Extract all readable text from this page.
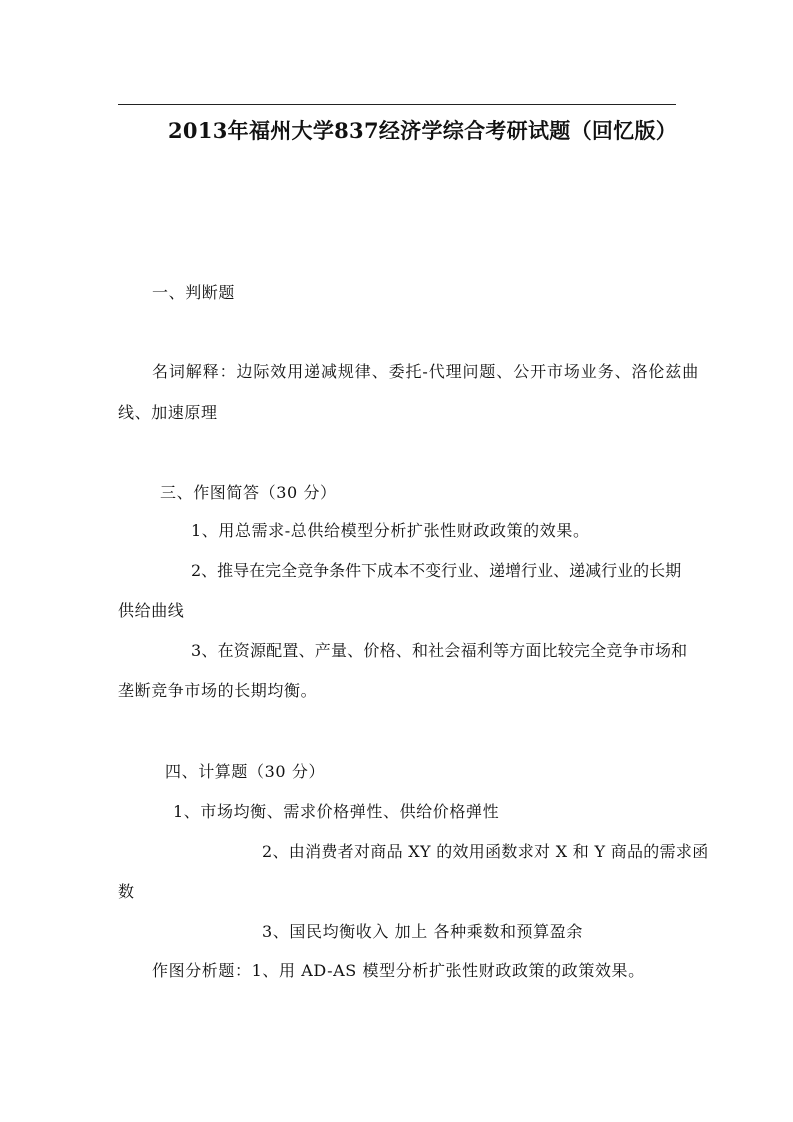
2013年福州大学837经济学综合考研试题（回忆版）
一、判断题
名词解释：边际效用递减规律、委托-代理问题、公开市场业务、洛伦兹曲
线、加速原理
三、作图简答（30 分）
1、用总需求-总供给模型分析扩张性财政政策的效果。
2、推导在完全竞争条件下成本不变行业、递增行业、递减行业的长期
供给曲线
3、在资源配置、产量、价格、和社会福利等方面比较完全竞争市场和
垄断竞争市场的长期均衡。
四、计算题（30 分）
1、市场均衡、需求价格弹性、供给价格弹性
2、由消费者对商品 XY 的效用函数求对 X 和 Y 商品的需求函
数
3、国民均衡收入 加上 各种乘数和预算盈余
作图分析题：1、用 AD-AS 模型分析扩张性财政政策的政策效果。
